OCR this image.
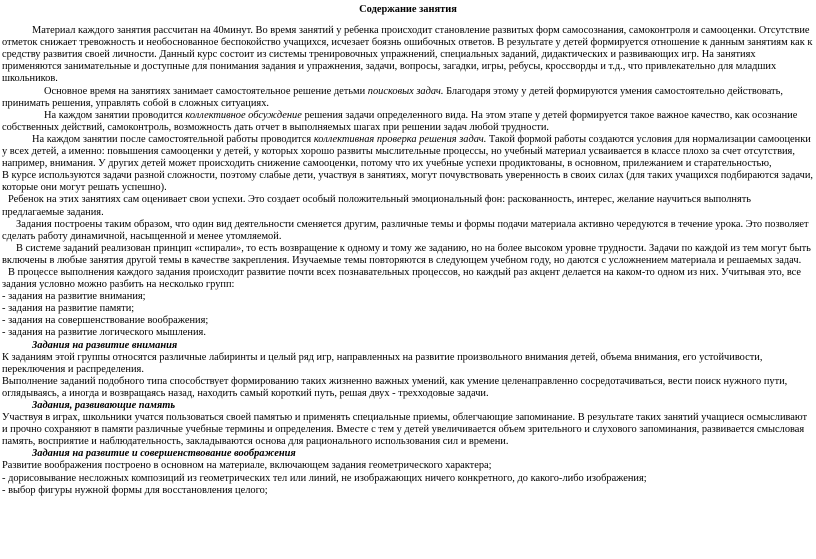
Содержание занятия

Материал каждого занятия рассчитан на 40минут. Во время занятий у ребенка происходит становление развитых форм самосознания, самоконтроля и самооценки. Отсутствие отметок снижает тревожность и необоснованное беспокойство учащихся, исчезает боязнь ошибочных ответов. В результате у детей формируется отношение к данным занятиям как к средству развития своей личности. Данный курс состоит из системы тренировочных упражнений, специальных заданий, дидактических и развивающих игр. На занятиях применяются занимательные и доступные для понимания задания и упражнения, задачи, вопросы, загадки, игры, ребусы, кроссворды и т.д., что привлекательно для младших школьников.

Основное время на занятиях занимает самостоятельное решение детьми поисковых задач. Благодаря этому у детей формируются умения самостоятельно действовать, принимать решения, управлять собой в сложных ситуациях.

На каждом занятии проводится коллективное обсуждение решения задачи определенного вида. На этом этапе у детей формируется такое важное качество, как осознание собственных действий, самоконтроль, возможность дать отчет в выполняемых шагах при решении задач любой трудности.

На каждом занятии после самостоятельной работы проводится коллективная проверка решения задач. Такой формой работы создаются условия для нормализации самооценки у всех детей, а именно: повышения самооценки у детей, у которых хорошо развиты мыслительные процессы, но учебный материал усваивается в классе плохо за счет отсутствия, например, внимания. У других детей может происходить снижение самооценки, потому что их учебные успехи продиктованы, в основном, прилежанием и старательностью,

В курсе используются задачи разной сложности, поэтому слабые дети, участвуя в занятиях, могут почувствовать уверенность в своих силах (для таких учащихся подбираются задачи, которые они могут решать успешно).

Ребенок на этих занятиях сам оценивает свои успехи. Это создает особый положительный эмоциональный фон: раскованность, интерес, желание научиться выполнять предлагаемые задания.

Задания построены таким образом, что один вид деятельности сменяется другим, различные темы и формы подачи материала активно чередуются в течение урока. Это позволяет сделать работу динамичной, насыщенной и менее утомляемой.

В системе заданий реализован принцип «спирали», то есть возвращение к одному и тому же заданию, но на более высоком уровне трудности. Задачи по каждой из тем могут быть включены в любые занятия другой темы в качестве закрепления. Изучаемые темы повторяются в следующем учебном году, но даются с усложнением материала и решаемых задач.

В процессе выполнения каждого задания происходит развитие почти всех познавательных процессов, но каждый раз акцент делается на каком-то одном из них. Учитывая это, все задания условно можно разбить на несколько групп:

- задания на развитие внимания;
- задания на развитие памяти;
- задания на совершенствование воображения;
- задания на развитие логического мышления.

Задания на развитие внимания

К заданиям этой группы относятся различные лабиринты и целый ряд игр, направленных на развитие произвольного внимания детей, объема внимания, его устойчивости, переключения и распределения.

Выполнение заданий подобного типа способствует формированию таких жизненно важных умений, как умение целенаправленно сосредотачиваться, вести поиск нужного пути, оглядываясь, а иногда и возвращаясь назад, находить самый короткий путь, решая двух - трехходовые задачи.

Задания, развивающие память

Участвуя в играх, школьники учатся пользоваться своей памятью и применять специальные приемы, облегчающие запоминание. В результате таких занятий учащиеся осмысливают и прочно сохраняют в памяти различные учебные термины и определения. Вместе с тем у детей увеличивается объем зрительного и слухового запоминания, развивается смысловая память, восприятие и наблюдательность, закладываются основа для рационального использования сил и времени.

Задания на развитие и совершенствование воображения

Развитие воображения построено в основном на материале, включающем задания геометрического характера;

- дорисовывание несложных композиций из геометрических тел или линий, не изображающих ничего конкретного, до какого-либо изображения;
- выбор фигуры нужной формы для восстановления целого;
